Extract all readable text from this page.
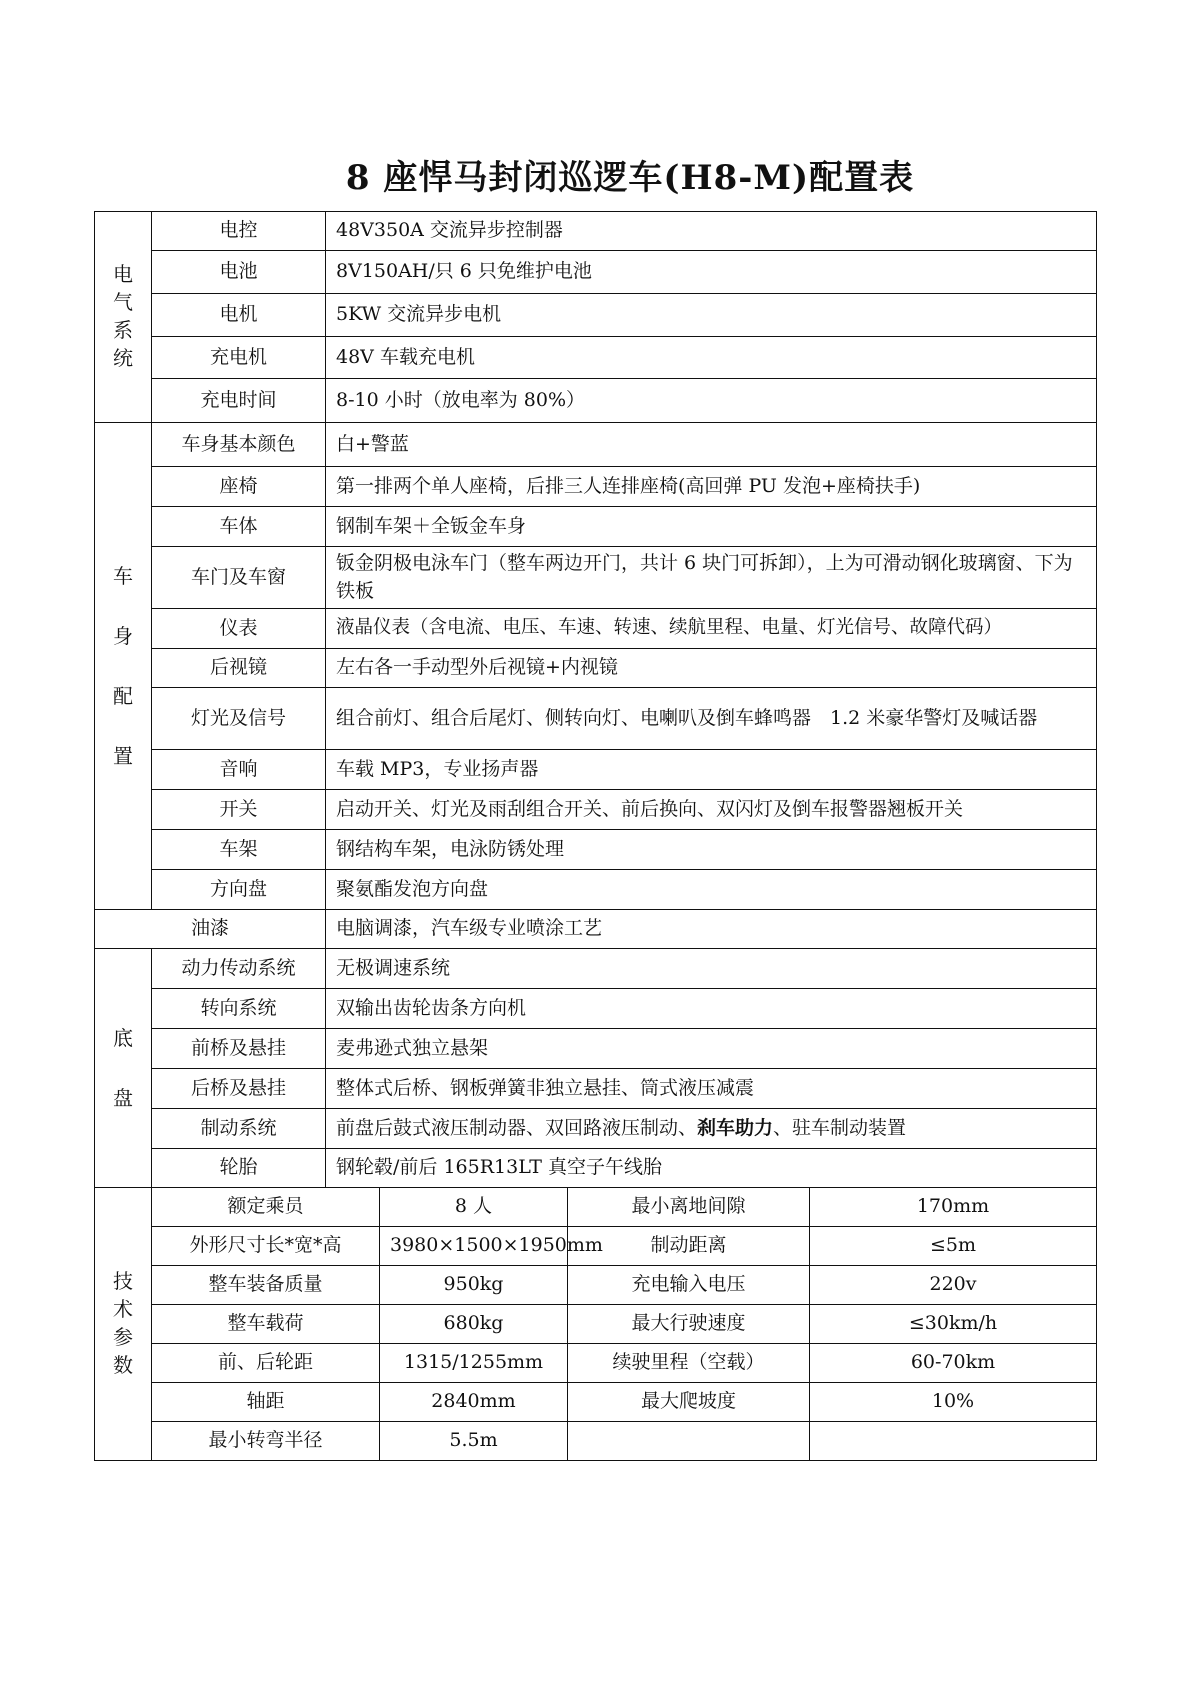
8 座悍马封闭巡逻车(H8-M)配置表
电气系统	电控	48V350A 交流异步控制器			
	电池	8V150AH/只 6 只免维护电池			
	电机	5KW 交流异步电机			
	充电机	48V 车载充电机			
	充电时间	8-10 小时（放电率为 80%）			
车身配置	车身基本颜色	白+警蓝			
	座椅	第一排两个单人座椅，后排三人连排座椅(高回弹 PU 发泡+座椅扶手)			
	车体	钢制车架＋全钣金车身			
	车门及车窗	钣金阴极电泳车门（整车两边开门，共计 6 块门可拆卸），上为可滑动钢化玻璃窗、下为铁板			
	仪表	液晶仪表（含电流、电压、车速、转速、续航里程、电量、灯光信号、故障代码）			
	后视镜	左右各一手动型外后视镜+内视镜			
	灯光及信号	组合前灯、组合后尾灯、侧转向灯、电喇叭及倒车蜂鸣器　1.2 米豪华警灯及喊话器			
	音响	车载 MP3，专业扬声器			
	开关	启动开关、灯光及雨刮组合开关、前后换向、双闪灯及倒车报警器翘板开关			
	车架	钢结构车架，电泳防锈处理			
	方向盘	聚氨酯发泡方向盘			
油漆		电脑调漆，汽车级专业喷涂工艺			
底盘	动力传动系统	无极调速系统			
	转向系统	双输出齿轮齿条方向机			
	前桥及悬挂	麦弗逊式独立悬架			
	后桥及悬挂	整体式后桥、钢板弹簧非独立悬挂、筒式液压减震			
	制动系统	前盘后鼓式液压制动器、双回路液压制动、刹车助力、驻车制动装置			
	轮胎	钢轮毂/前后 165R13LT 真空子午线胎			
技术参数	额定乘员		8 人	最小离地间隙	170mm
	外形尺寸长*宽*高		3980×1500×1950mm	制动距离	≤5m
	整车装备质量		950kg	充电输入电压	220v
	整车载荷		680kg	最大行驶速度	≤30km/h
	前、后轮距		1315/1255mm	续驶里程（空载）	60-70km
	轴距		2840mm	最大爬坡度	10%
	最小转弯半径		5.5m		
